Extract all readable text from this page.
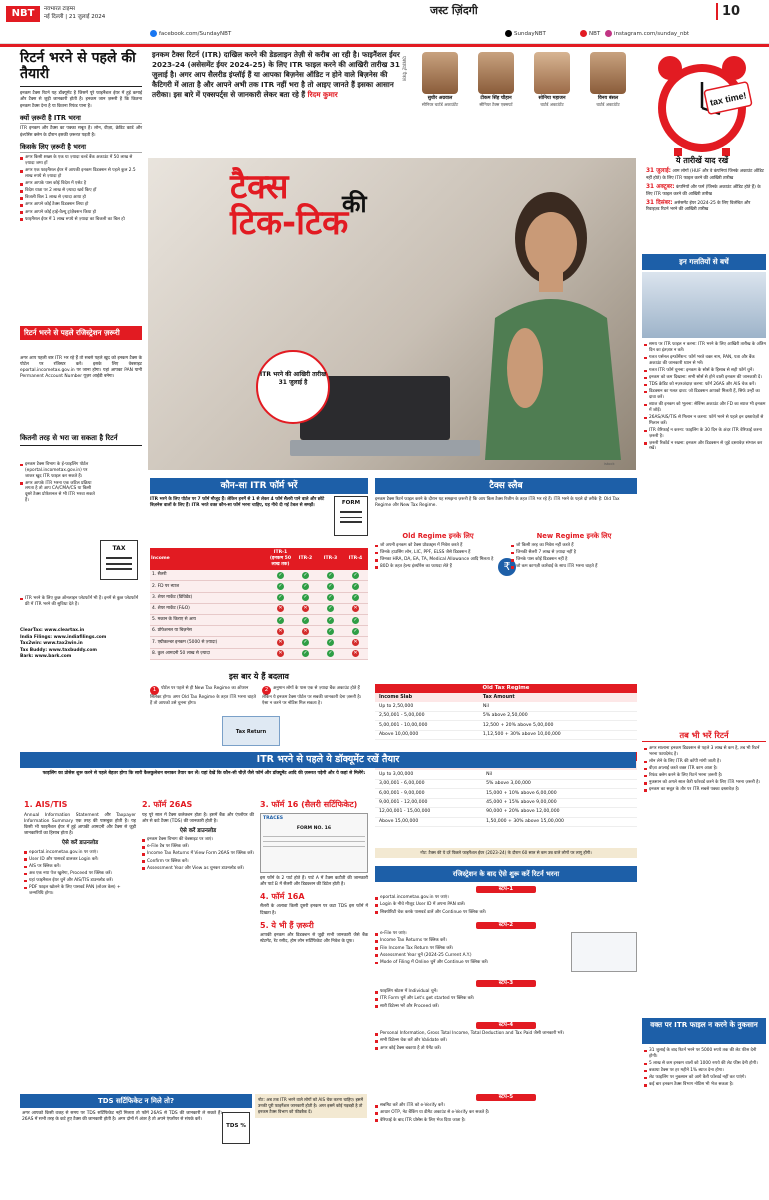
NBT	नवभारत टाइम्स
नई दिल्ली | 21 जुलाई 2024
facebook.com/SundayNBT	SundayNBT	NBT	instagram.com/sunday_nbt
जस्ट ज़िंदगी	10
रिटर्न भरने से पहले की तैयारी

इनकम टैक्स रिटर्न यह डॉक्यूमेंट है जिसमें पूरे फाइनैंशल ईयर में हुई कमाई और टैक्स से जुड़ी जानकारी होती है। इनकम जान ज़रूरी है कि कितना इनकम टैक्स देना है या कितना रिफंड पाना है।

क्यों ज़रूरी है ITR भरना

ITR इनकम और टैक्स का पक्का सबूत है। लोन, वीज़ा, क्रेडिट कार्ड और इंश्योरेंस क्लेम के दौरान इसकी ज़रूरत पड़ती है।

किसके लिए ज़रूरी है भरना
अगर किसी शख्स के एक या ज़्यादा वर्ल्ड बैंक अकाउंट में 50 लाख से ज़्यादा जमा हों
अगर एक फाइनैंशल ईयर में आपकी इनकम डिडक्शन से पहले कुल 2.5 लाख रुपये से ज़्यादा हो
अगर आपके पास कोई विदेश में एसेट है
विदेश यात्रा पर 2 लाख से ज़्यादा खर्च किए हों
बिजली बिल 1 लाख से ज़्यादा आया हो
अगर आपने कोई टैक्स डिडक्शन लिया हो
अगर आपने कोई हाई-वैल्यू ट्रांज़ैक्शन किया हो
फाइनैंशल ईयर में 1 लाख रुपये से ज़्यादा का बिजली का बिल हो
रिटर्न भरने से पहले रजिस्ट्रेशन ज़रूरी

अगर आप पहली बार ITR भर रहे हैं तो सबसे पहले खुद को इनकम टैक्स के पोर्टल पर रजिस्टर करें। इसके लिए वेबसाइट eportal.incometax.gov.in पर जाना होगा। यहां आपका PAN यानी Permanent Account Number यूज़र आईडी बनेगा।

कितनी तरह से भरा जा सकता है रिटर्न
इनकम टैक्स विभाग के ई-फाइलिंग पोर्टल (eportal.incometax.gov.in) पर जाकर खुद ITR फाइल कर सकते हैं।
अगर आपके ITR भरना एक जटिल प्रक्रिया लगता है तो आप CA/CMA/CS या किसी दूसरे टैक्स प्रोफेशनल से भी ITR भरवा सकते हैं।
TAX
ITR भरने के लिए कुछ ऑनलाइन प्लेटफॉर्म भी हैं। इनमें से कुछ प्लेटफॉर्म फ्री में ITR भरने की सुविधा देते हैं।
ClearTax: www.cleartax.in
India Filings: www.indiafilings.com
Tax2win: www.tax2win.in
Tax Buddy: www.taxbuddy.com
Bark: www.bark.com
इनकम टैक्स रिटर्न (ITR) दाखिल करने की डेडलाइन तेज़ी से करीब आ रही है। फाइनैंशल ईयर 2023-24 (असेसमेंट ईयर 2024-25) के लिए ITR फाइल करने की आखिरी तारीख 31 जुलाई है। अगर आप सैलरीड इंप्लॉई हैं या आपका बिज़नेस ऑडिट न होने वाले बिज़नेस की कैटिगरी में आता है और आपने अभी तक ITR नहीं भरा है तो आइए जानते हैं इसका आसान तरीका। इस बारे में एक्सपर्ट्स से जानकारी लेकर बता रहे हैं रिदम कुमार
एक्सपर्ट पैनल
सुधीर अग्रवाल
सीनियर चार्टर्ड अकाउंटेंट
टीकम सिंह चौहान
सीनियर टैक्स एक्सपर्ट
सोनिया महाजन
चार्टर्ड अकाउंटेंट
विनय बंसल
चार्टर्ड अकाउंटेंट	tax time!
ये तारीखें याद रखें

31 जुलाई: आम लोगों (HUF और वे कंपनियां जिनके अकाउंट ऑडिट नहीं होते) के लिए ITR फाइल करने की आखिरी तारीख

31 अक्टूबर: कंपनियों और फर्म (जिनके अकाउंट ऑडिट होते हैं) के लिए ITR फाइल करने की आखिरी तारीख

31 दिसंबर: असेसमेंट ईयर 2024-25 के लिए विलंबित और रिवाइज़्ड रिटर्न भरने की आखिरी तारीख

टैक्स	की
टिक-टिक
ITR भरने की आखिरी तारीख 31 जुलाई है
istock
इन गलतियों से बचें
समय पर ITR फाइल न करना: ITR भरने के लिए आखिरी तारीख के अंतिम दिन का इंतज़ार न करें।
गलत पर्सनल इन्फॉर्मेशन: फॉर्म भरते वक्त नाम, PAN, पता और बैंक अकाउंट की जानकारी ध्यान से भरें।
गलत ITR फॉर्म चुनना: इनकम के सोर्स के हिसाब से सही फॉर्म चुनें।
इनकम को कम दिखाना: सभी सोर्स से होने वाली इनकम की जानकारी दें।
TDS क्रेडिट को नज़रअंदाज़ करना: फॉर्म 26AS और AIS चेक करें।
डिडक्शन का गलत दावा: जो डिडक्शन आपको मिलती हैं, सिर्फ उन्हीं का दावा करें।
ब्याज की इनकम को भूलना: सेविंग्स अकाउंट और FD का ब्याज भी इनकम में जोड़ें।
26AS/AIS/TIS से मिलान न करना: फॉर्म भरने से पहले इन दस्तावेज़ों से मिलान करें।
ITR वेरिफाई न करना: फाइलिंग के 30 दिन के अंदर ITR वेरिफाई करना ज़रूरी है।
ज़रूरी रिकॉर्ड न रखना: इनकम और डिडक्शन से जुड़े दस्तावेज़ संभाल कर रखें।
कौन-सा ITR फॉर्म भरें
ITR भरने के लिए पोर्टल पर 7 फॉर्म मौजूद हैं। लेकिन इनमें से 1 से लेकर 4 फॉर्म सैलरी पाने वाले और छोटे बिज़नेस वालों के लिए हैं। ITR भरते वक्त कौन-सा फॉर्म भरना चाहिए, यह नीचे दी गई टेबल से समझें।	FORM
Income	ITR-1 (इनकम 50 लाख तक)	ITR-2	ITR-3	ITR-4
1. सैलरी	✓	✓	✓	✓
2. FD पर ब्याज	✓	✓	✓	✓
3. शेयर मार्केट (डिविडेंड)	✓	✓	✓	✓
4. शेयर मार्केट (F&O)	✕	✕	✓	✕
5. मकान के किराए से आय	✓	✓	✓	✓
6. प्रोफेशनल या बिज़नेस	✕	✕	✓	✓
7. एग्रीकल्चर इनकम (5000 से ज़्यादा)	✕	✓	✓	✕
8. कुल आमदनी 50 लाख से ज़्यादा	✕	✓	✓	✕
इस बार ये हैं बदलाव
1 पोर्टल पर पहले से ही New Tax Regime का ऑप्शन सिलेक्ट होगा। अगर Old Tax Regime के तहत ITR भरना चाहते हैं तो आपको उसे चुनना होगा।
2 अनुमान लोगों के पास एक से ज़्यादा बैंक अकाउंट होते हैं लेकिन ये इनकम टैक्स पोर्टल पर सबकी जानकारी देना ज़रूरी है। ऐसा न करने पर नोटिस मिल सकता है।
Tax Return
टैक्स स्लैब
इनकम टैक्स रिटर्न फाइल करने के दौरान यह समझना ज़रूरी है कि आप किस टैक्स रिजीम के तहत ITR भर रहे हैं। ITR भरने के पहले दो तरीके हैं: Old Tax Regime और New Tax Regime.
Old Regime इनके लिए
जो अपनी इनकम को टैक्स प्रोडक्ट्स में निवेश करते हैं
जिनके हाउसिंग लोन, LIC, PPF, ELSS जैसे डिडक्शन हैं
जिनका HRA, DA, EA, TA, Medical Allowance आदि मिलता है
80D के तहत हेल्थ इंश्योरेंस का फायदा लेते हैं	₹
New Regime इनके लिए
जो किसी तरह का निवेश नहीं करते हैं
जिनकी सैलरी 7 लाख से ज़्यादा नहीं है
जिनके पास कोई डिडक्शन नहीं है
जो कम कागज़ी कार्रवाई के साथ ITR भरना चाहते हैं
Old Tax Regime
Income Slab	Tax Amount
Up to 2,50,000	Nil
2,50,001 - 5,00,000	5% above 2,50,000
5,00,001 - 10,00,000	12,500 + 20% above 5,00,000
Above 10,00,000	1,12,500 + 30% above 10,00,000

Up to 3,00,000	Nil
3,00,001 - 6,00,000	5% above 3,00,000
6,00,001 - 9,00,000	15,000 + 10% above 6,00,000
9,00,001 - 12,00,000	45,000 + 15% above 9,00,000
12,00,001 - 15,00,000	90,000 + 20% above 12,00,000
Above 15,00,000	1,50,000 + 30% above 15,00,000
नोट: टैक्स की ये दरें पिछले फाइनैंशल ईयर (2023-24) के दौरान 60 साल से कम उम्र वाले लोगों पर लागू होंगी।
ITR भरने से पहले ये डॉक्यूमेंट रखें तैयार
फाइलिंग का प्रोसेस शुरू करने से पहले बेहतर होगा कि सारी कैलकुलेशन बनाकर तैयार कर लें। यहां देखें कि कौन-सी चीज़ें जैसे फॉर्म और डॉक्यूमेंट आदि की ज़रूरत पड़ेगी और ये कहां से मिलेंगे:
1. AIS/TIS

Annual Information Statement और Taxpayer Information Summary एक तरह की पासबुक होती है। यह किसी भी फाइनैंशल ईयर में हुई आपकी आमदनी और टैक्स से जुड़ी जानकारियों का हिसाब होता है।

ऐसे करें डाउनलोड
eportal.incometax.gov.in पर जाएं।
User ID और पासवर्ड डालकर Login करें।
AIS पर क्लिक करें।
अब एक नया पेज खुलेगा, Proceed पर क्लिक करें।
यहां फाइनैंशल ईयर चुनें और AIS/TIS डाउनलोड करें।
PDF फाइल खोलने के लिए पासवर्ड PAN (लोअर केस) + जन्मतिथि होगा।
2. फॉर्म 26AS

यह पूरे साल में टैक्स कलेक्शन होता है। इसमें बैंक और एंप्लॉयर की ओर से कटे टैक्स (TDS) की जानकारी होती है।

ऐसे करें डाउनलोड
इनकम टैक्स विभाग की वेबसाइट पर जाएं।
e-File टैब पर क्लिक करें।
Income Tax Returns में View Form 26AS पर क्लिक करें।
Confirm पर क्लिक करें।
Assessment Year और View as चुनकर डाउनलोड करें।
3. फॉर्म 16 (सैलरी सर्टिफिकेट)
TRACES
FORM NO. 16

इस फॉर्म के 2 पार्ट होते हैं। पार्ट A में टैक्स कटौती की जानकारी और पार्ट B में सैलरी और डिडक्शन की डिटेल होती है।

4. फॉर्म 16A

सैलरी के अलावा किसी दूसरी इनकम पर कटा TDS इस फॉर्म में दिखता है।

5. ये भी हैं ज़रूरी

आपकी इनकम और डिडक्शन से जुड़ी सभी जानकारी जैसे बैंक स्टेटमेंट, रेंट रसीद, होम लोन सर्टिफिकेट और निवेश के प्रूफ।

रजिस्ट्रेशन के बाद ऐसे शुरू करें रिटर्न भरना
स्टेप-1
eportal.incometax.gov.in पर जाएं।
Login के नीचे मौजूद User ID में अपना PAN डालें।
सिक्योरिटी चेक करके पासवर्ड डालें और Continue पर क्लिक करें।
स्टेप-2
e-File पर जाएं।
Income Tax Returns पर क्लिक करें।
File Income Tax Return पर क्लिक करें।
Assessment Year चुनें (2024-25 Current A.Y.)
Mode of Filing में Online चुनें और Continue पर क्लिक करें।
स्टेप-3
फाइलिंग स्टेटस में Individual चुनें।
ITR Form चुनें और Let's get started पर क्लिक करें।
सारी डिटेल्स भरें और Proceed करें।
स्टेप-4
Personal Information, Gross Total Income, Total Deduction and Tax Paid जैसी जानकारी भरें।
सभी डिटेल्स चेक करें और Validate करें।
अगर कोई टैक्स बकाया है तो पेमेंट करें।
स्टेप-5
सबमिट करें और ITR को e-Verify करें।
आधार OTP, नेट बैंकिंग या डीमैट अकाउंट से e-Verify कर सकते हैं।
वेरिफाई के बाद ITR प्रोसेस के लिए भेज दिया जाता है।
TDS सर्टिफिकेट न मिले तो?

अगर आपको किसी वजह से समय पर TDS सर्टिफिकेट नहीं मिलता तो फॉर्म 26AS से TDS की जानकारी ले सकते हैं। 26AS में सभी तरह के कटे हुए टैक्स की जानकारी होती है। अगर दोनों में अंतर है तो अपने एंप्लॉयर से संपर्क करें।

TDS %
नोट: अब तक ITR भरने वाले लोगों को AIS चेक करना चाहिए। इसमें उनकी पूरी फाइनैंशल जानकारी होती है। अगर इसमें कोई गड़बड़ी है तो इनकम टैक्स विभाग को फीडबैक दें।
तब भी भरें रिटर्न
अगर सालाना इनकम डिडक्शन से पहले 3 लाख से कम है, तब भी रिटर्न भरना फायदेमंद है।
लोन लेने के लिए ITR की कॉपी मांगी जाती है।
वीज़ा अप्लाई करते वक्त ITR काम आता है।
रिफंड क्लेम करने के लिए रिटर्न भरना ज़रूरी है।
नुकसान को अगले साल कैरी फॉरवर्ड करने के लिए ITR भरना ज़रूरी है।
इनकम का सबूत के तौर पर ITR सबसे पक्का दस्तावेज़ है।
वक्त पर ITR फाइल न करने के नुकसान
31 जुलाई के बाद रिटर्न भरने पर 5000 रुपये तक की लेट फीस देनी होगी।
5 लाख से कम इनकम वालों को 1000 रुपये की लेट फीस देनी होगी।
बकाया टैक्स पर हर महीने 1% ब्याज देना होगा।
लेट फाइलिंग पर नुकसान को आगे कैरी फॉरवर्ड नहीं कर पाएंगे।
कई बार इनकम टैक्स विभाग नोटिस भी भेज सकता है।
